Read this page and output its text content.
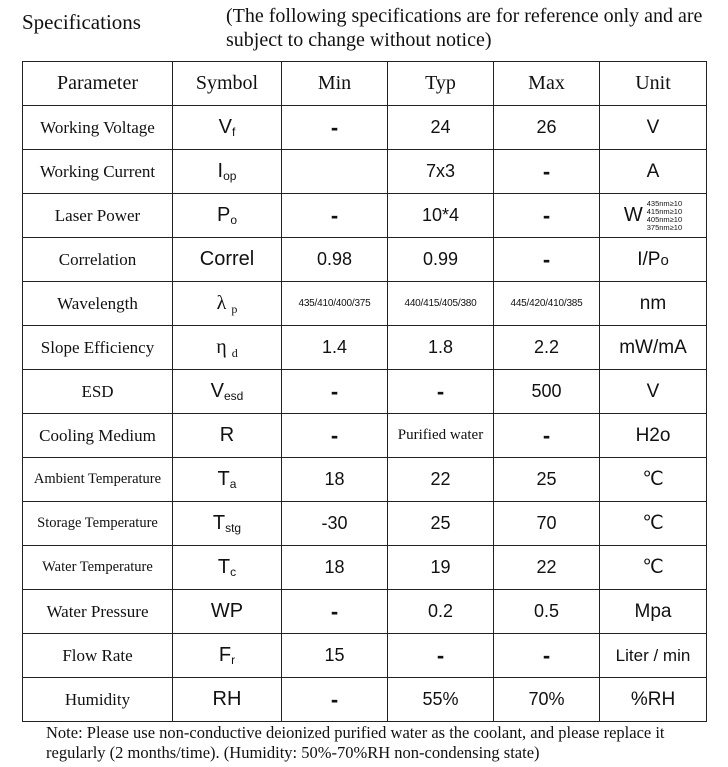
Specifications	(The following specifications are for reference only and are subject to change without notice)
Parameter	Symbol	Min	Typ	Max	Unit
Working Voltage	$V_f$	-	24	26	V
Working Current	$I_{op}$		7x3	-	A
Laser Power	$P_o$	-	10*4	-	W
435nm≥10
415nm≥10
405nm≥10
375nm≥10

Correlation	Correl	0.98	0.99	-	I/Po
Wavelength	λ $_p$	435/410/400/375	440/415/405/380	445/420/410/385	nm
Slope Efficiency	η $_d$	1.4	1.8	2.2	mW/mA
ESD	$V_{esd}$	-	-	500	V
Cooling Medium	R	-	Purified water	-	H2o
Ambient Temperature	$T_a$	18	22	25	℃
Storage Temperature	$T_{stg}$	-30	25	70	℃
Water Temperature	$T_c$	18	19	22	℃
Water Pressure	WP	-	0.2	0.5	Mpa
Flow Rate	$F_r$	15	-	-	Liter / min
Humidity	RH	-	55%	70%	%RH
Note: Please use non-conductive deionized purified water as the coolant, and please replace it regularly (2 months/time). (Humidity: 50%-70%RH non-condensing state)
